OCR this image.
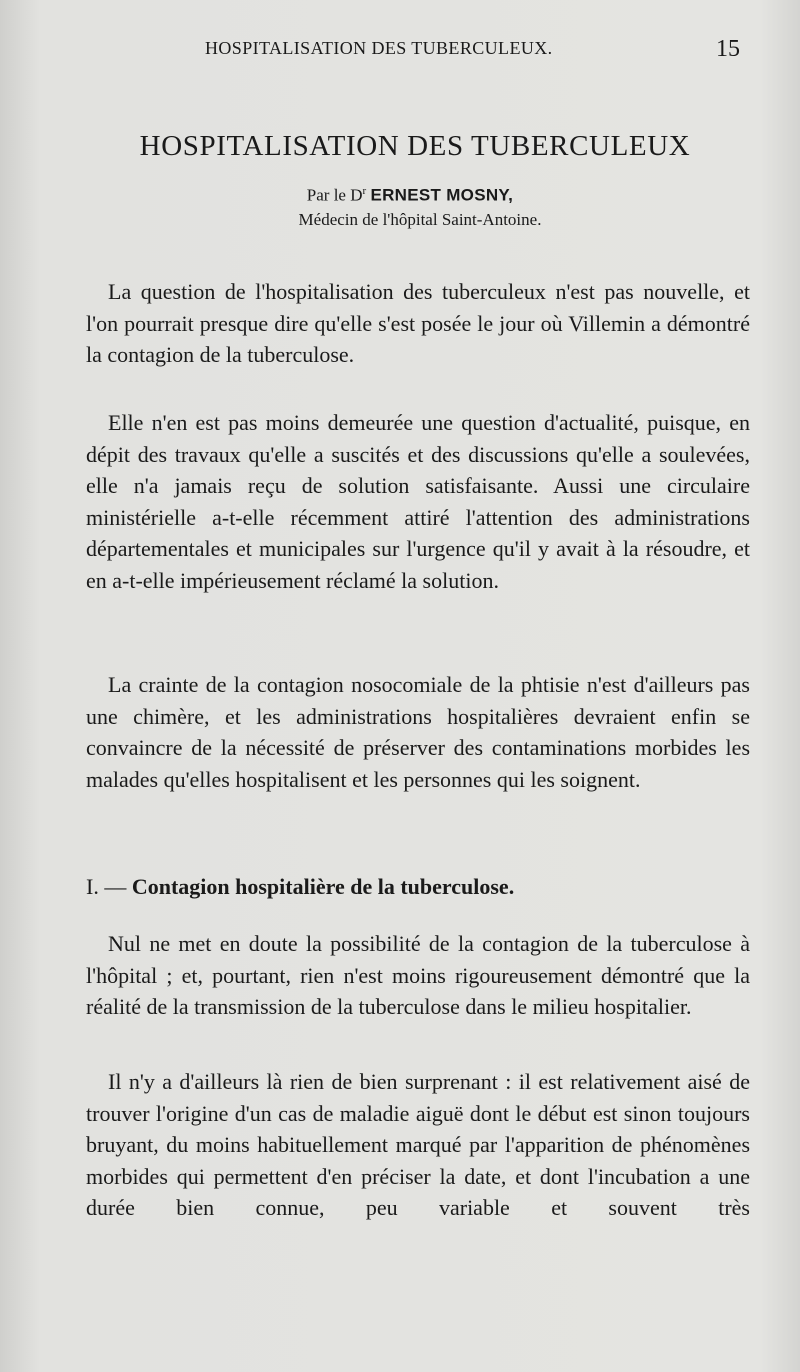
HOSPITALISATION DES TUBERCULEUX.	15
HOSPITALISATION DES TUBERCULEUX
Par le $D^r$ ERNEST MOSNY,
Médecin de l'hôpital Saint-Antoine.

La question de l'hospitalisation des tuberculeux n'est pas nouvelle, et l'on pourrait presque dire qu'elle s'est posée le jour où Villemin a démontré la contagion de la tuberculose.

Elle n'en est pas moins demeurée une question d'actualité, puisque, en dépit des travaux qu'elle a suscités et des discussions qu'elle a soulevées, elle n'a jamais reçu de solution satisfaisante. Aussi une circulaire ministérielle a-t-elle récemment attiré l'attention des administrations départementales et municipales sur l'urgence qu'il y avait à la résoudre, et en a-t-elle impérieusement réclamé la solution.

La crainte de la contagion nosocomiale de la phtisie n'est d'ailleurs pas une chimère, et les administrations hospitalières devraient enfin se convaincre de la nécessité de préserver des contaminations morbides les malades qu'elles hospitalisent et les personnes qui les soignent.

I. — Contagion hospitalière de la tuberculose.

Nul ne met en doute la possibilité de la contagion de la tuberculose à l'hôpital ; et, pourtant, rien n'est moins rigoureusement démontré que la réalité de la transmission de la tuberculose dans le milieu hospitalier.

Il n'y a d'ailleurs là rien de bien surprenant : il est relativement aisé de trouver l'origine d'un cas de maladie aiguë dont le début est sinon toujours bruyant, du moins habituellement marqué par l'apparition de phénomènes morbides qui permettent d'en préciser la date, et dont l'incubation a une durée bien connue, peu variable et souvent très
